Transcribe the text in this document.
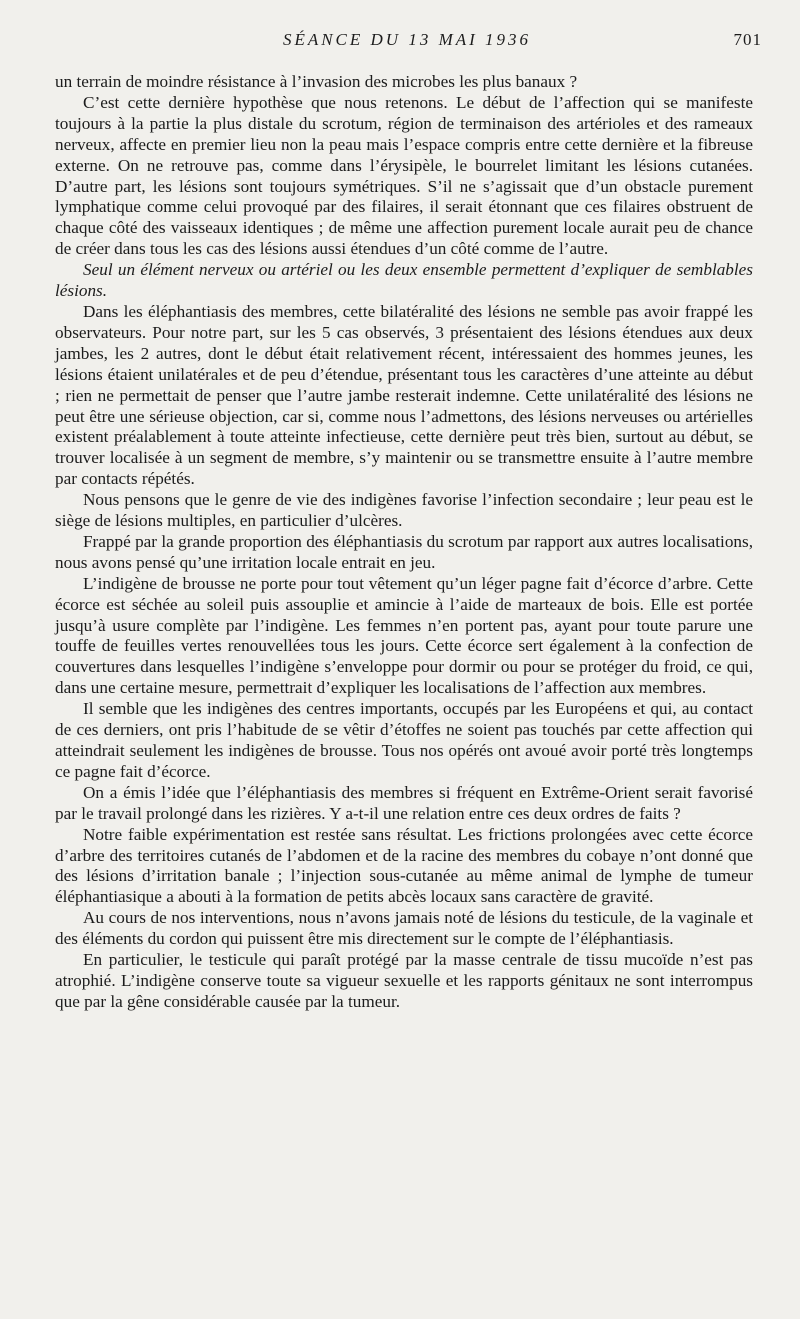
SÉANCE DU 13 MAI 1936	701

un terrain de moindre résistance à l’invasion des microbes les plus banaux ?

C’est cette dernière hypothèse que nous retenons. Le début de l’affection qui se manifeste toujours à la partie la plus distale du scrotum, région de terminaison des artérioles et des rameaux nerveux, affecte en premier lieu non la peau mais l’espace compris entre cette dernière et la fibreuse externe. On ne retrouve pas, comme dans l’érysipèle, le bourrelet limitant les lésions cutanées. D’autre part, les lésions sont toujours symétriques. S’il ne s’agissait que d’un obstacle purement lymphatique comme celui provoqué par des filaires, il serait étonnant que ces filaires obstruent de chaque côté des vaisseaux identiques ; de même une affection purement locale aurait peu de chance de créer dans tous les cas des lésions aussi étendues d’un côté comme de l’autre.

Seul un élément nerveux ou artériel ou les deux ensemble permettent d’expliquer de semblables lésions.

Dans les éléphantiasis des membres, cette bilatéralité des lésions ne semble pas avoir frappé les observateurs. Pour notre part, sur les 5 cas observés, 3 présentaient des lésions étendues aux deux jambes, les 2 autres, dont le début était relativement récent, intéressaient des hommes jeunes, les lésions étaient unilatérales et de peu d’étendue, présentant tous les caractères d’une atteinte au début ; rien ne permettait de penser que l’autre jambe resterait indemne. Cette unilatéralité des lésions ne peut être une sérieuse objection, car si, comme nous l’admettons, des lésions nerveuses ou artérielles existent préalablement à toute atteinte infectieuse, cette dernière peut très bien, surtout au début, se trouver localisée à un segment de membre, s’y maintenir ou se transmettre ensuite à l’autre membre par contacts répétés.

Nous pensons que le genre de vie des indigènes favorise l’infection secondaire ; leur peau est le siège de lésions multiples, en particulier d’ulcères.

Frappé par la grande proportion des éléphantiasis du scrotum par rapport aux autres localisations, nous avons pensé qu’une irritation locale entrait en jeu.

L’indigène de brousse ne porte pour tout vêtement qu’un léger pagne fait d’écorce d’arbre. Cette écorce est séchée au soleil puis assouplie et amincie à l’aide de marteaux de bois. Elle est portée jusqu’à usure complète par l’indigène. Les femmes n’en portent pas, ayant pour toute parure une touffe de feuilles vertes renouvellées tous les jours. Cette écorce sert également à la confection de couvertures dans lesquelles l’indigène s’enveloppe pour dormir ou pour se protéger du froid, ce qui, dans une certaine mesure, permettrait d’expliquer les localisations de l’affection aux membres.

Il semble que les indigènes des centres importants, occupés par les Européens et qui, au contact de ces derniers, ont pris l’habitude de se vêtir d’étoffes ne soient pas touchés par cette affection qui atteindrait seulement les indigènes de brousse. Tous nos opérés ont avoué avoir porté très longtemps ce pagne fait d’écorce.

On a émis l’idée que l’éléphantiasis des membres si fréquent en Extrême-Orient serait favorisé par le travail prolongé dans les rizières. Y a-t-il une relation entre ces deux ordres de faits ?

Notre faible expérimentation est restée sans résultat. Les frictions prolongées avec cette écorce d’arbre des territoires cutanés de l’abdomen et de la racine des membres du cobaye n’ont donné que des lésions d’irritation banale ; l’injection sous-cutanée au même animal de lymphe de tumeur éléphantiasique a abouti à la formation de petits abcès locaux sans caractère de gravité.

Au cours de nos interventions, nous n’avons jamais noté de lésions du testicule, de la vaginale et des éléments du cordon qui puissent être mis directement sur le compte de l’éléphantiasis.

En particulier, le testicule qui paraît protégé par la masse centrale de tissu mucoïde n’est pas atrophié. L’indigène conserve toute sa vigueur sexuelle et les rapports génitaux ne sont interrompus que par la gêne considérable causée par la tumeur.
